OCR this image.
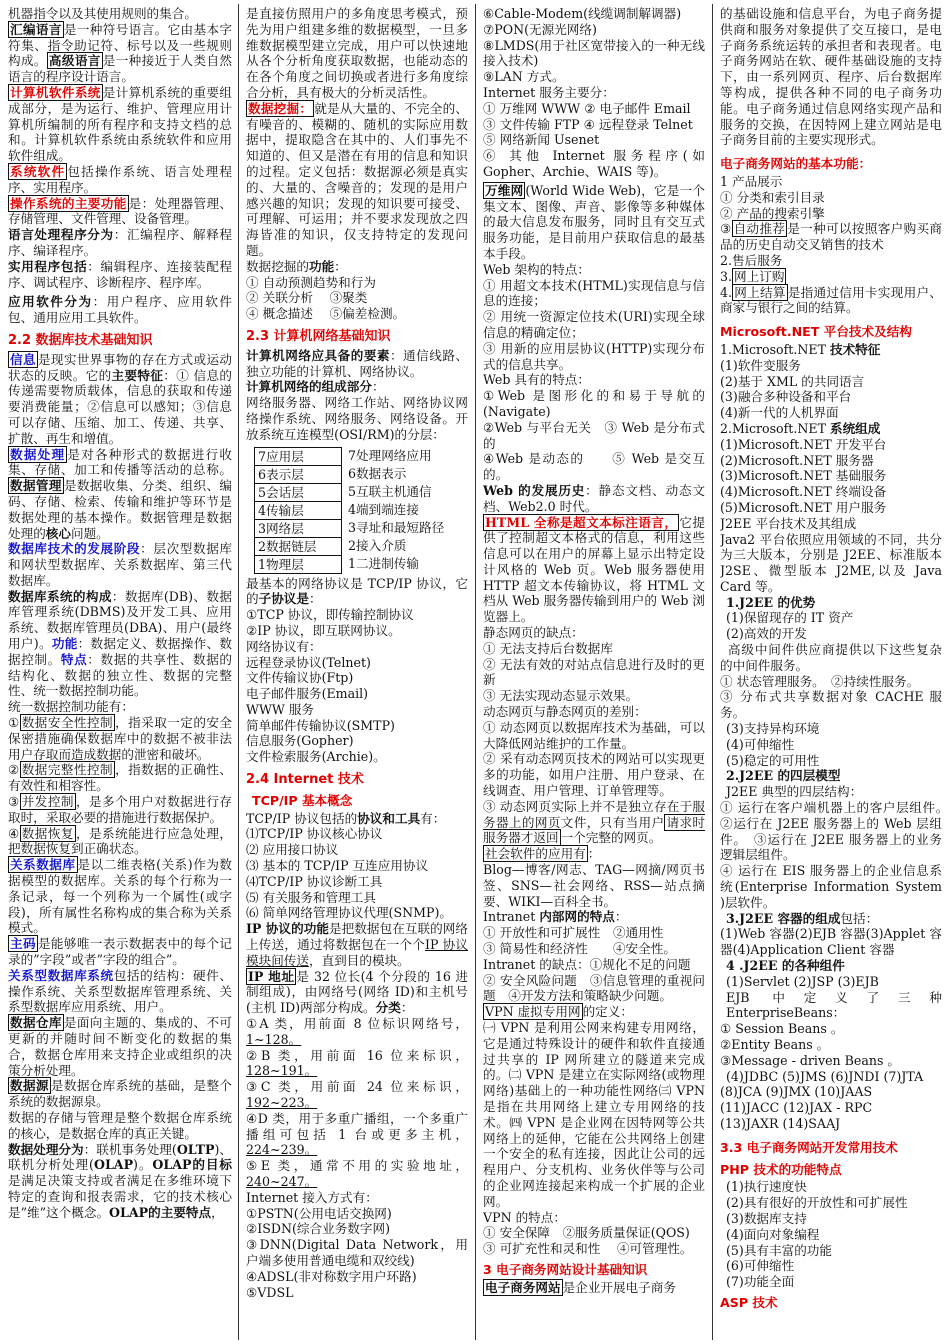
机器指令以及其使用规则的集合。

汇编语言 是一种符号语言。它由基本字符集、指令助记符、标号以及一些规则构成。 高级语言 是一种接近于人类自然语言的程序设计语言。

计算机软件系统 是计算机系统的重要组成部分，是为运行、维护、管理应用计算机所编制的所有程序和支持文档的总和。计算机软件系统由系统软件和应用软件组成。

系统软件 包括操作系统、语言处理程序、实用程序。

操作系统的主要功能 是：处理器管理、存储管理、文件管理、设备管理。

语言处理程序分为：汇编程序、解释程序、编译程序。

实用程序包括：编辑程序、连接装配程序、调试程序、诊断程序、程序库。

应用软件分为：用户程序、应用软件包、通用应用工具软件。

2.2 数据库技术基础知识

信息 是现实世界事物的存在方式或运动状态的反映。它的主要特征：① 信息的传递需要物质载体，信息的获取和传递要消费能量；②信息可以感知；③信息可以存储、压缩、加工、传递、共享、扩散、再生和增值。

数据处理 是对各种形式的数据进行收集、存储、加工和传播等活动的总称。数据管理 是数据收集、分类、组织、编码、存储、检索、传输和维护等环节是数据处理的基本操作。数据管理是数据处理的核心问题。

数据库技术的发展阶段：层次型数据库和网状型数据库、关系数据库、第三代数据库。

数据库系统的构成：数据库(DB)、数据库管理系统(DBMS)及开发工具、应用系统、数据库管理员(DBA)、用户(最终用户)。功能：数据定义、数据操作、数据控制。特点：数据的共享性、数据的结构化、数据的独立性、数据的完整性、统一数据控制功能。

统一数据控制功能有：

① 数据安全性控制 ，指采取一定的安全保密措施确保数据库中的数据不被非法用户存取而造成数据的泄密和破坏。

② 数据完整性控制 ，指数据的正确性、有效性和相容性。

③ 并发控制 ，是多个用户对数据进行存取时，采取必要的措施进行数据保护。

④ 数据恢复 ，是系统能进行应急处理，把数据恢复到正确状态。

关系数据库 是以二维表格(关系)作为数据模型的数据库。关系的每个行称为一条记录，每一个列称为一个属性(或字段)，所有属性名称构成的集合称为关系模式。

主码 是能够唯一表示数据表中的每个记录的”字段”或者”字段的组合”。

关系型数据库系统包括的结构：硬件、操作系统、关系型数据库管理系统、关系型数据库应用系统、用户。

数据仓库 是面向主题的、集成的、不可更新的并随时间不断变化的数据的集合，数据仓库用来支持企业或组织的决策分析处理。

数据源 是数据仓库系统的基础，是整个系统的数据源泉。

数据的存储与管理是整个数据仓库系统的核心，是数据仓库的真正关键。

数据处理分为：联机事务处理(OLTP)、联机分析处理(OLAP)。OLAP的目标是满足决策支持或者满足在多维环境下特定的查询和报表需求，它的技术核心是”维”这个概念。OLAP的主要特点，

是直接仿照用户的多角度思考模式，预先为用户组建多维的数据模型，一旦多维数据模型建立完成，用户可以快速地从各个分析角度获取数据，也能动态的在各个角度之间切换或者进行多角度综合分析，具有极大的分析灵活性。

数据挖掘： 就是从大量的、不完全的、有噪音的、模糊的、随机的实际应用数据中，提取隐含在其中的、人们事先不知道的、但又是潜在有用的信息和知识的过程。定义包括：数据源必须是真实的、大量的、含噪音的；发现的是用户感兴趣的知识；发现的知识要可接受、可理解、可运用；并不要求发现放之四海皆准的知识，仅支持特定的发现问题。

数据挖掘的功能：

① 自动预测趋势和行为

② 关联分析　 ③聚类

④ 概念描述　 ⑤偏差检测。

2.3 计算机网络基础知识

计算机网络应具备的要素：通信线路、独立功能的计算机、网络协议。

计算机网络的组成部分：

网络服务器、网络工作站、网络协议网络操作系统、网络服务、网络设备。开放系统互连模型(OSI/RM)的分层：

7应用层
6表示层
5会话层
4传输层
3网络层
2数据链层
1物理层
7处理网络应用
6数据表示
5互联主机通信
4端到端连接
3寻址和最短路径
2接入介质
1二进制传输

最基本的网络协议是 TCP/IP 协议，它的子协议是：

①TCP 协议，即传输控制协议

②IP 协议，即互联网协议。

网络协议有：

远程登录协议(Telnet)

文件传输议协(Ftp)

电子邮件服务(Email)

WWW 服务

简单邮件传输协议(SMTP)

信息服务(Gopher)

文件检索服务(Archie)。

2.4 Internet 技术
TCP/IP 基本概念

TCP/IP 协议包括的协议和工具有：

⑴TCP/IP 协议核心协议

⑵ 应用接口协议

⑶ 基本的 TCP/IP 互连应用协议

⑷TCP/IP 协议诊断工具

⑸ 有关服务和管理工具

⑹ 简单网络管理协议代理(SNMP)。

IP 协议的功能是把数据包在互联的网络上传送，通过将数据包在一个个IP 协议模块间传送，直到目的模块。

IP 地址 是 32 位长(4 个分段的 16 进制组成)，由网络号(网络 ID)和主机号(主机 ID)两部分构成。分类：

①A 类，用前面 8 位标识网络号，1~128。

②B 类，用前面 16 位来标识，128~191。

③C 类，用前面 24 位来标识，192~223。

④D 类，用于多重广播组，一个多重广播组可包括 1 台或更多主机，224~239。

⑤E 类，通常不用的实验地址，240~247。

Internet 接入方式有：

①PSTN(公用电话交换网)

②ISDN(综合业务数字网)

③DNN(Digital Data Network，用户端多使用普通电缆和双绞线)

④ADSL(非对称数字用户环路)

⑤VDSL

⑥Cable-Modem(线缆调制解调器)

⑦PON(无源光网络)

⑧LMDS(用于社区宽带接入的一种无线接入技术)

⑨LAN 方式。

Internet 服务主要分：

① 万维网 WWW ② 电子邮件 Email

③ 文件传输 FTP ④ 远程登录 Telnet

⑤ 网络新闻 Usenet

⑥ 其他 Internet 服务程序(如 Gopher、Archie、WAIS 等)。

万维网 (World Wide Web)，它是一个集文本、图像、声音、影像等多种媒体的最大信息发布服务，同时且有交互式服务功能，是目前用户获取信息的最基本手段。

Web 架构的特点：

① 用超文本技术(HTML)实现信息与信息的连接；

② 用统一资源定位技术(URI)实现全球信息的精确定位；

③ 用新的应用层协议(HTTP)实现分布式的信息共享。

Web 具有的特点：

①Web 是图形化的和易于导航的(Navigate)

②Web 与平台无关　③ Web 是分布式的

④Web 是动态的　　⑤ Web 是交互的。

Web 的发展历史：静态文档、动态文档、Web2.0 时代。

HTML 全称是超文本标注语言， 它提供了控制超文本格式的信息，利用这些信息可以在用户的屏幕上显示出特定设计风格的 Web 页。Web 服务器使用 HTTP 超文本传输协议，将 HTML 文档从 Web 服务器传输到用户的 Web 浏览器上。

静态网页的缺点：

① 无法支持后台数据库

② 无法有效的对站点信息进行及时的更新

③ 无法实现动态显示效果。

动态网页与静态网页的差别：

① 动态网页以数据库技术为基础，可以大降低网站维护的工作量。

② 采有动态网页技术的网站可以实现更多的功能，如用户注册、用户登录、在线调查、用户管理、订单管理等。

③ 动态网页实际上并不是独立存在于服务器上的网页文件，只有当用户 请求时服务器才返回 一个完整的网页。

社会软件的应用有 ：

Blog—博客/网志、TAG—网摘/网页书签、SNS—社会网络、RSS—站点摘要、WIKI—百科全书。

Intranet 内部网的特点：

① 开放性和可扩展性　②通用性

③ 简易性和经济性　　④安全性。

Intranet 的缺点：①规化不足的问题

② 安全风险问题　③信息管理的重视问题　④开发方法和策略缺少问题。

VPN 虚拟专用网 的定义：

㈠ VPN 是利用公网来构建专用网络，它是通过特殊设计的硬件和软件直接通过共享的 IP 网所建立的隧道来完成的。㈡ VPN 是建立在实际网络(或物理网络)基础上的一种功能性网络㈢ VPN 是指在共用网络上建立专用网络的技术。㈣ VPN 是企业网在因特网等公共网络上的延伸，它能在公共网络上创建一个安全的私有连接，因此让公司的远程用户、分支机构、业务伙伴等与公司的企业网连接起来构成一个扩展的企业网。

VPN 的特点：

① 安全保障　②服务质量保证(QOS)

③ 可扩充性和灵和性　 ④可管理性。

3 电子商务网站设计基础知识

电子商务网站 是企业开展电子商务

的基础设施和信息平台，为电子商务提供商和服务对象提供了交互接口，是电子商务系统运转的承担者和表现者。电子商务网站在软、硬件基础设施的支持下，由一系列网页、程序、后台数据库等构成，提供各种不同的电子商务功能。电子商务通过信息网络实现产品和服务的交换，在因特网上建立网站是电子商务目前的主要实现形式。

电子商务网站的基本功能：

1 产品展示

① 分类和索引目录

② 产品的搜索引擎

③ 自动推荐 是一种可以按照客户购买商品的历史自动交叉销售的技术

2.售后服务

3. 网上订购

4. 网上结算 是指通过信用卡实现用户、商家与银行之间的结算。

Microsoft.NET 平台技术及结构

1.Microsoft.NET 技术特征

(1)软件变服务

(2)基于 XML 的共同语言

(3)融合多种设备和平台

(4)新一代的人机界面

2.Microsoft.NET 系统组成

(1)Microsoft.NET 开发平台

(2)Microsoft.NET 服务器

(3)Microsoft.NET 基础服务

(4)Microsoft.NET 终端设备

(5)Microsoft.NET 用户服务

J2EE 平台技术及其组成

Java2 平台依照应用领域的不同，共分为三大版本，分别是 J2EE、标准版本 J2SE、微型版本 J2ME,以及 Java Card 等。

1.J2EE 的优势

(1)保留现存的 IT 资产

(2)高效的开发

高级中间件供应商提供以下这些复杂的中间件服务。

① 状态管理服务。　②持续性服务。

③ 分布式共享数据对象 CACHE 服务。

(3)支持异构环境

(4)可伸缩性

(5)稳定的可用性

2.J2EE 的四层模型

J2EE 典型的四层结构：

① 运行在客户端机器上的客户层组件。　②运行在 J2EE 服务器上的 Web 层组件。　③运行在 J2EE 服务器上的业务逻辑层组件。

④ 运行在 EIS 服务器上的企业信息系统(Enterprise Information System )层软件。

3.J2EE 容器的组成包括：

(1)Web 容器(2)EJB 容器(3)Applet 容器(4)Application Client 容器

4 .J2EE 的各种组件

(1)Servlet (2)JSP (3)EJB

EJB 中定义了三种 EnterpriseBeans：

① Session Beans 。

②Entity Beans 。

③Message - driven Beans 。

(4)JDBC (5)JMS (6)JNDI (7)JTA

(8)JCA (9)JMX (10)JAAS

(11)JACC (12)JAX - RPC

(13)JAXR (14)SAAJ

3.3 电子商务网站开发常用技术
PHP 技术的功能特点

(1)执行速度快

(2)具有很好的开放性和可扩展性

(3)数据库支持

(4)面向对象编程

(5)具有丰富的功能

(6)可伸缩性

(7)功能全面

ASP 技术
